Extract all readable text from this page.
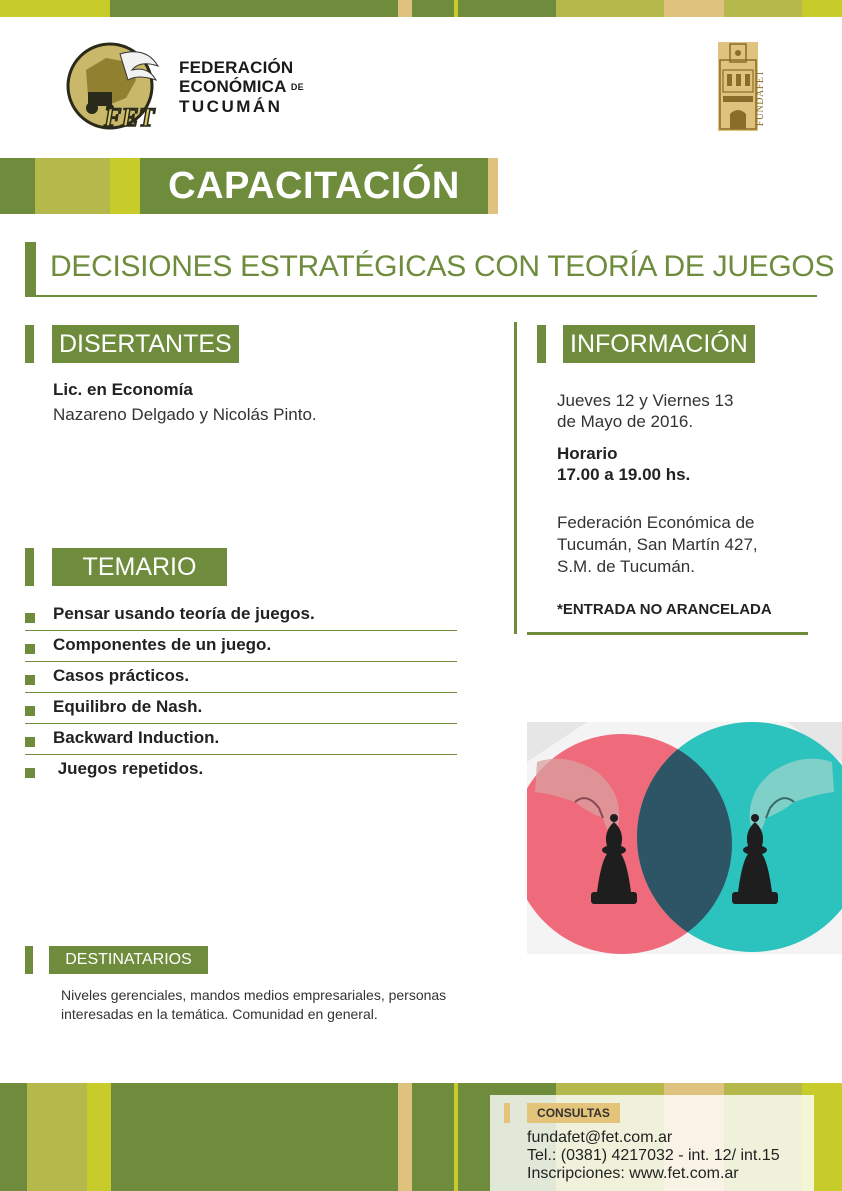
FET
FEDERACIÓN
ECONÓMICA DE
TUCUMÁN	FUNDAFET
CAPACITACIÓN
DECISIONES ESTRATÉGICAS CON TEORÍA DE JUEGOS
DISERTANTES
Lic. en Economía
Nazareno Delgado y Nicolás Pinto.
TEMARIO
Pensar usando teoría de juegos.
Componentes de un juego.
Casos prácticos.
Equilibro de Nash.
Backward Induction.
Juegos repetidos.
INFORMACIÓN
Jueves 12 y Viernes 13
de Mayo de 2016.
Horario
17.00 a 19.00 hs.
Federación Económica de
Tucumán, San Martín 427,
S.M. de Tucumán.
*ENTRADA NO ARANCELADA
DESTINATARIOS
Niveles gerenciales, mandos medios empresariales, personas
interesadas en la temática. Comunidad en general.
CONSULTAS
fundafet@fet.com.ar
Tel.: (0381) 4217032 - int. 12/ int.15
Inscripciones: www.fet.com.ar
